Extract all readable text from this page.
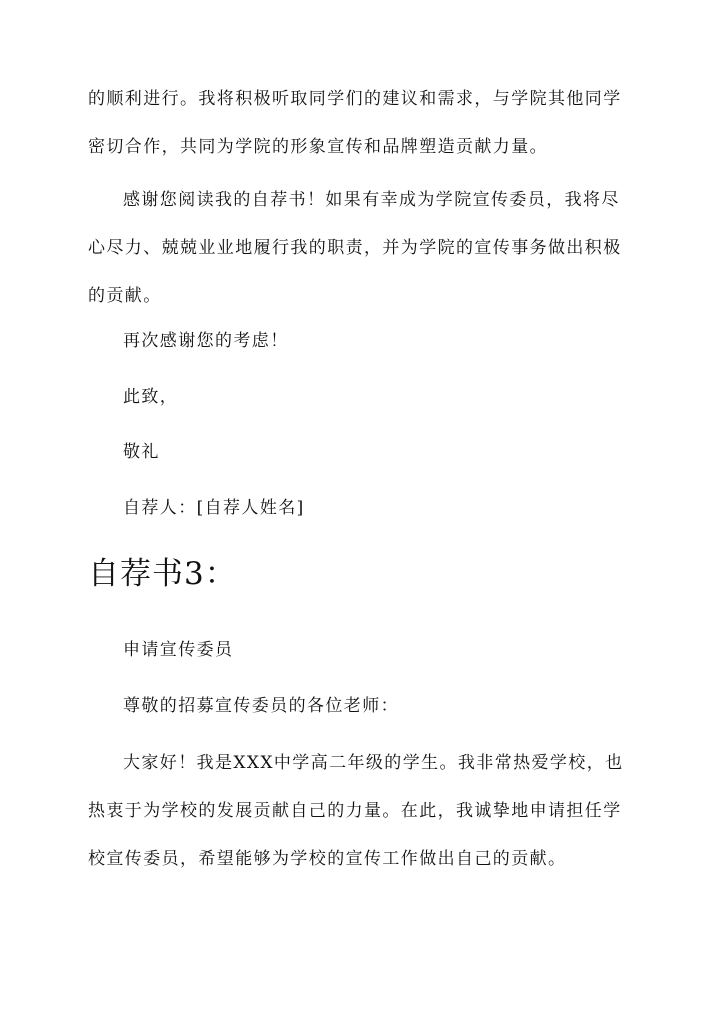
的顺利进行。我将积极听取同学们的建议和需求，与学院其他同学
密切合作，共同为学院的形象宣传和品牌塑造贡献力量。
感谢您阅读我的自荐书！如果有幸成为学院宣传委员，我将尽
心尽力、兢兢业业地履行我的职责，并为学院的宣传事务做出积极
的贡献。
再次感谢您的考虑！
此致，
敬礼
自荐人：[自荐人姓名]
自荐书3：
申请宣传委员
尊敬的招募宣传委员的各位老师：
大家好！我是XXX中学高二年级的学生。我非常热爱学校，也
热衷于为学校的发展贡献自己的力量。在此，我诚挚地申请担任学
校宣传委员，希望能够为学校的宣传工作做出自己的贡献。
